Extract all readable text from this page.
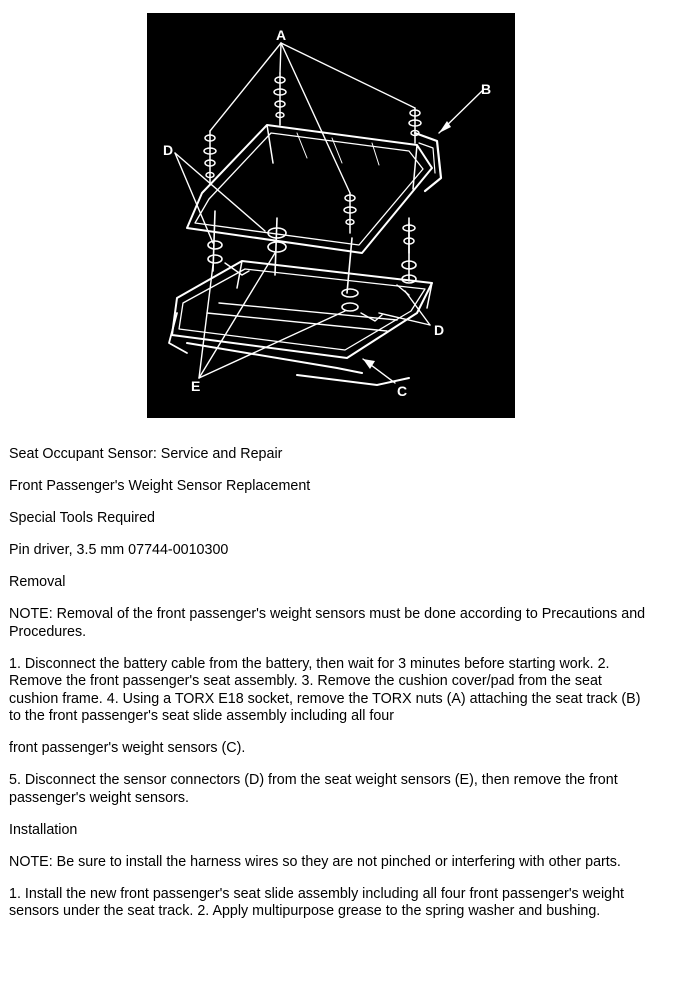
A
B
D
D
C
E

Seat Occupant Sensor: Service and Repair

Front Passenger's Weight Sensor Replacement

Special Tools Required

Pin driver, 3.5 mm 07744-0010300

Removal

NOTE: Removal of the front passenger's weight sensors must be done according to Precautions and Procedures.

1. Disconnect the battery cable from the battery, then wait for 3 minutes before starting work. 2. Remove the front passenger's seat assembly. 3. Remove the cushion cover/pad from the seat cushion frame. 4. Using a TORX E18 socket, remove the TORX nuts (A) attaching the seat track (B) to the front passenger's seat slide assembly including all four

front passenger's weight sensors (C).

5. Disconnect the sensor connectors (D) from the seat weight sensors (E), then remove the front passenger's weight sensors.

Installation

NOTE: Be sure to install the harness wires so they are not pinched or interfering with other parts.

1. Install the new front passenger's seat slide assembly including all four front passenger's weight sensors under the seat track. 2. Apply multipurpose grease to the spring washer and bushing.
